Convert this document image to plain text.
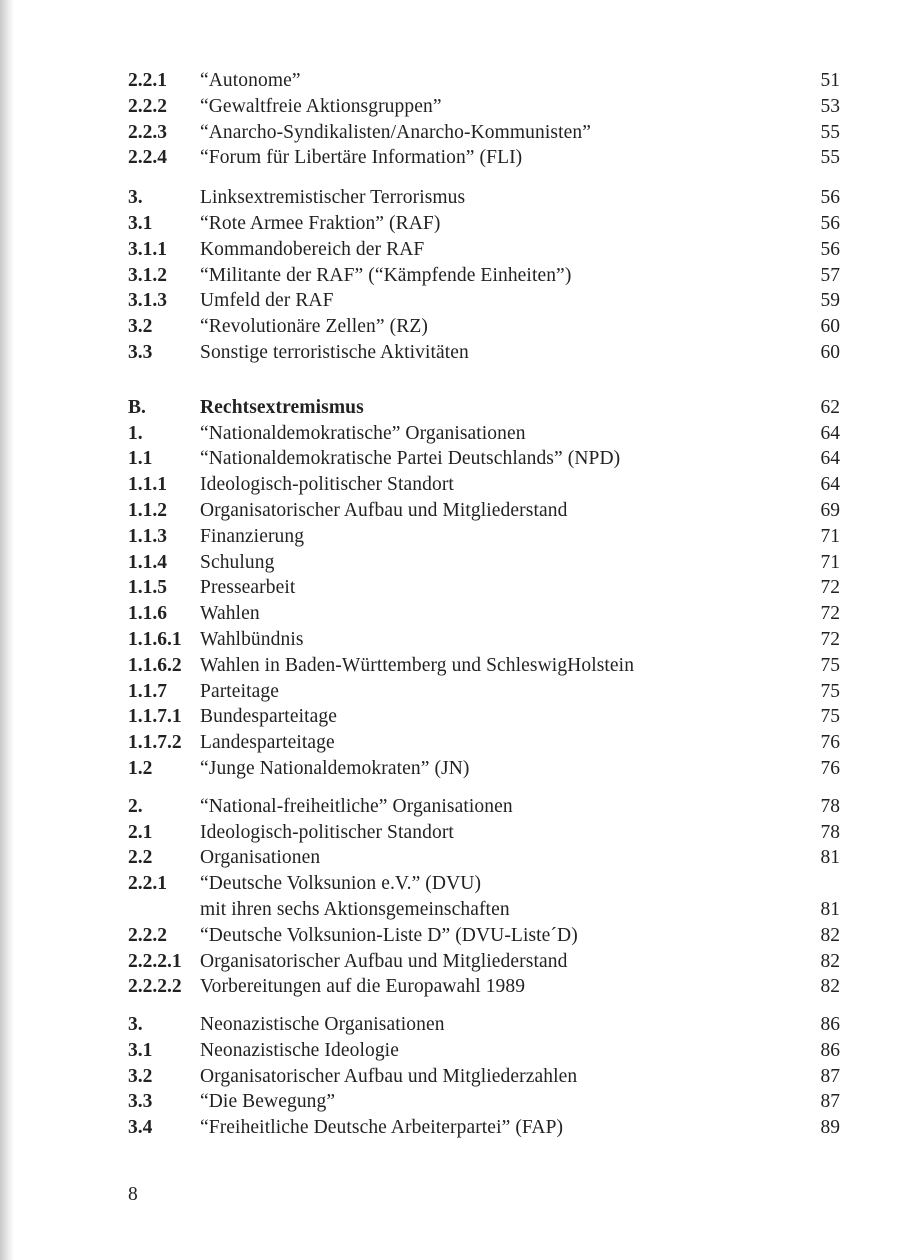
2.2.1	“Autonome”	51
2.2.2	“Gewaltfreie Aktionsgruppen”	53
2.2.3	“Anarcho-Syndikalisten/Anarcho-Kommunisten”	55
2.2.4	“Forum für Libertäre Information” (FLI)	55
3.	Linksextremistischer Terrorismus	56
3.1	“Rote Armee Fraktion” (RAF)	56
3.1.1	Kommandobereich der RAF	56
3.1.2	“Militante der RAF” (“Kämpfende Einheiten”)	57
3.1.3	Umfeld der RAF	59
3.2	“Revolutionäre Zellen” (RZ)	60
3.3	Sonstige terroristische Aktivitäten	60
B.	Rechtsextremismus	62
1.	“Nationaldemokratische” Organisationen	64
1.1	“Nationaldemokratische Partei Deutschlands” (NPD)	64
1.1.1	Ideologisch-politischer Standort	64
1.1.2	Organisatorischer Aufbau und Mitgliederstand	69
1.1.3	Finanzierung	71
1.1.4	Schulung	71
1.1.5	Pressearbeit	72
1.1.6	Wahlen	72
1.1.6.1 Wahlbündnis	72
1.1.6.2 Wahlen in Baden-Württemberg und SchleswigHolstein	75
1.1.7	Parteitage	75
1.1.7.1 Bundesparteitage	75
1.1.7.2 Landesparteitage	76
1.2	“Junge Nationaldemokraten” (JN)	76
2.	“National-freiheitliche” Organisationen	78
2.1	Ideologisch-politischer Standort	78
2.2	Organisationen	81
2.2.1	“Deutsche Volksunion e.V.” (DVU)
mit ihren sechs Aktionsgemeinschaften	81
2.2.2	“Deutsche Volksunion-Liste D” (DVU-Liste´D)	82
2.2.2.1 Organisatorischer Aufbau und Mitgliederstand	82
2.2.2.2 Vorbereitungen auf die Europawahl 1989	82
3.	Neonazistische Organisationen	86
3.1	Neonazistische Ideologie	86
3.2	Organisatorischer Aufbau und Mitgliederzahlen	87
3.3	“Die Bewegung”	87
3.4	“Freiheitliche Deutsche Arbeiterpartei” (FAP)	89
8
